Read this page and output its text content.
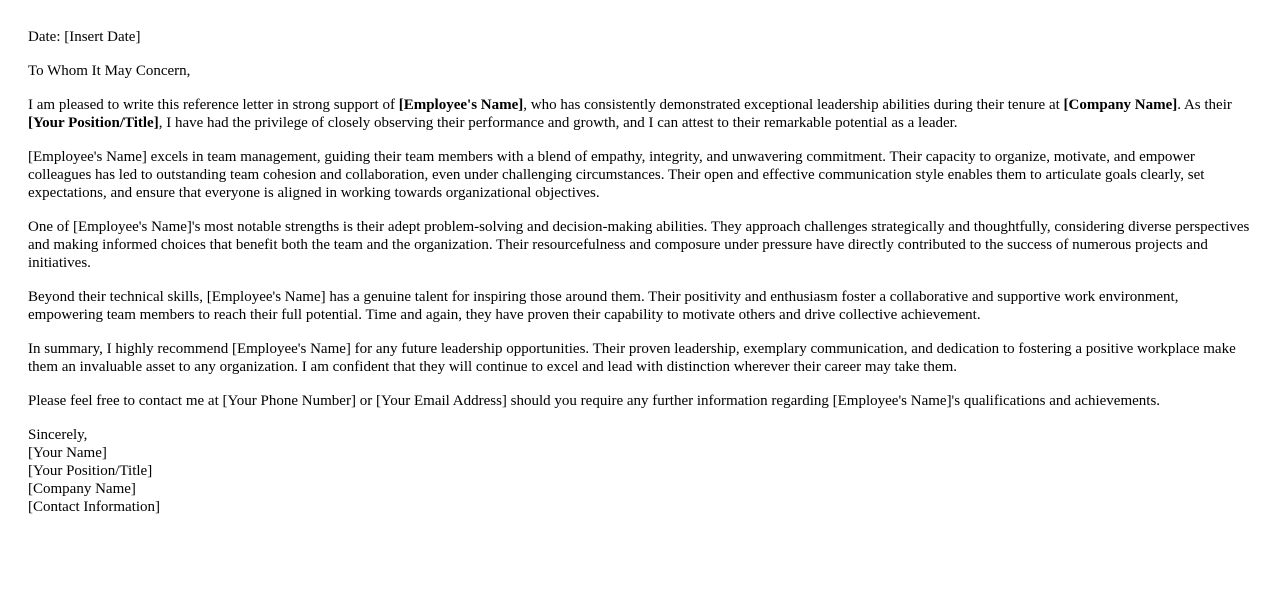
Date: [Insert Date]

To Whom It May Concern,

I am pleased to write this reference letter in strong support of [Employee's Name], who has consistently demonstrated exceptional leadership abilities during their tenure at [Company Name]. As their [Your Position/Title], I have had the privilege of closely observing their performance and growth, and I can attest to their remarkable potential as a leader.

[Employee's Name] excels in team management, guiding their team members with a blend of empathy, integrity, and unwavering commitment. Their capacity to organize, motivate, and empower colleagues has led to outstanding team cohesion and collaboration, even under challenging circumstances. Their open and effective communication style enables them to articulate goals clearly, set expectations, and ensure that everyone is aligned in working towards organizational objectives.

One of [Employee's Name]'s most notable strengths is their adept problem-solving and decision-making abilities. They approach challenges strategically and thoughtfully, considering diverse perspectives and making informed choices that benefit both the team and the organization. Their resourcefulness and composure under pressure have directly contributed to the success of numerous projects and initiatives.

Beyond their technical skills, [Employee's Name] has a genuine talent for inspiring those around them. Their positivity and enthusiasm foster a collaborative and supportive work environment, empowering team members to reach their full potential. Time and again, they have proven their capability to motivate others and drive collective achievement.

In summary, I highly recommend [Employee's Name] for any future leadership opportunities. Their proven leadership, exemplary communication, and dedication to fostering a positive workplace make them an invaluable asset to any organization. I am confident that they will continue to excel and lead with distinction wherever their career may take them.

Please feel free to contact me at [Your Phone Number] or [Your Email Address] should you require any further information regarding [Employee's Name]'s qualifications and achievements.

Sincerely,
[Your Name]
[Your Position/Title]
[Company Name]
[Contact Information]
